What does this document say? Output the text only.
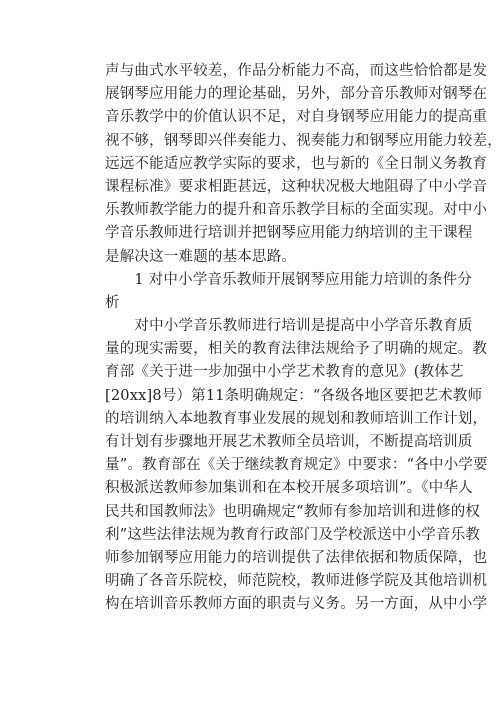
声与曲式水平较差，作品分析能力不高，而这些恰恰都是发
展钢琴应用能力的理论基础，另外，部分音乐教师对钢琴在
音乐教学中的价值认识不足，对自身钢琴应用能力的提高重
视不够，钢琴即兴伴奏能力、视奏能力和钢琴应用能力较差，
远远不能适应教学实际的要求，也与新的《全日制义务教育
课程标准》要求相距甚远，这种状况极大地阻碍了中小学音
乐教师教学能力的提升和音乐教学目标的全面实现。对中小
学音乐教师进行培训并把钢琴应用能力纳培训的主干课程
是解决这一难题的基本思路。
　　1 对中小学音乐教师开展钢琴应用能力培训的条件分
析
　　对中小学音乐教师进行培训是提高中小学音乐教育质
量的现实需要，相关的教育法律法规给予了明确的规定。教
育部《关于进一步加强中小学艺术教育的意见》(教体艺
[20xx]8号）第11条明确规定：“各级各地区要把艺术教师
的培训纳入本地教育事业发展的规划和教师培训工作计划，
有计划有步骤地开展艺术教师全员培训，不断提高培训质
量”。教育部在《关于继续教育规定》中要求：“各中小学要
积极派送教师参加集训和在本校开展多项培训”。《中华人
民共和国教师法》也明确规定“教师有参加培训和进修的权
利”这些法律法规为教育行政部门及学校派送中小学音乐教
师参加钢琴应用能力的培训提供了法律依据和物质保障，也
明确了各音乐院校，师范院校，教师进修学院及其他培训机
构在培训音乐教师方面的职责与义务。另一方面，从中小学
